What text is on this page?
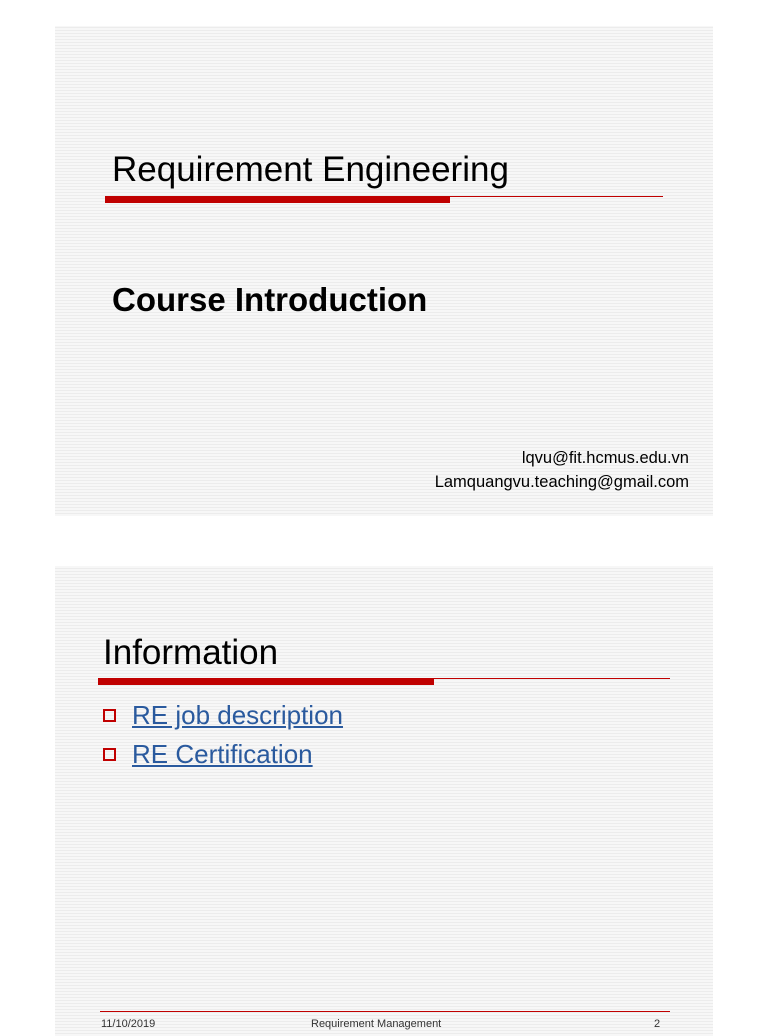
Requirement Engineering
Course Introduction
lqvu@fit.hcmus.edu.vn
Lamquangvu.teaching@gmail.com
Information
RE job description
RE Certification
11/10/2019	Requirement Management	2
